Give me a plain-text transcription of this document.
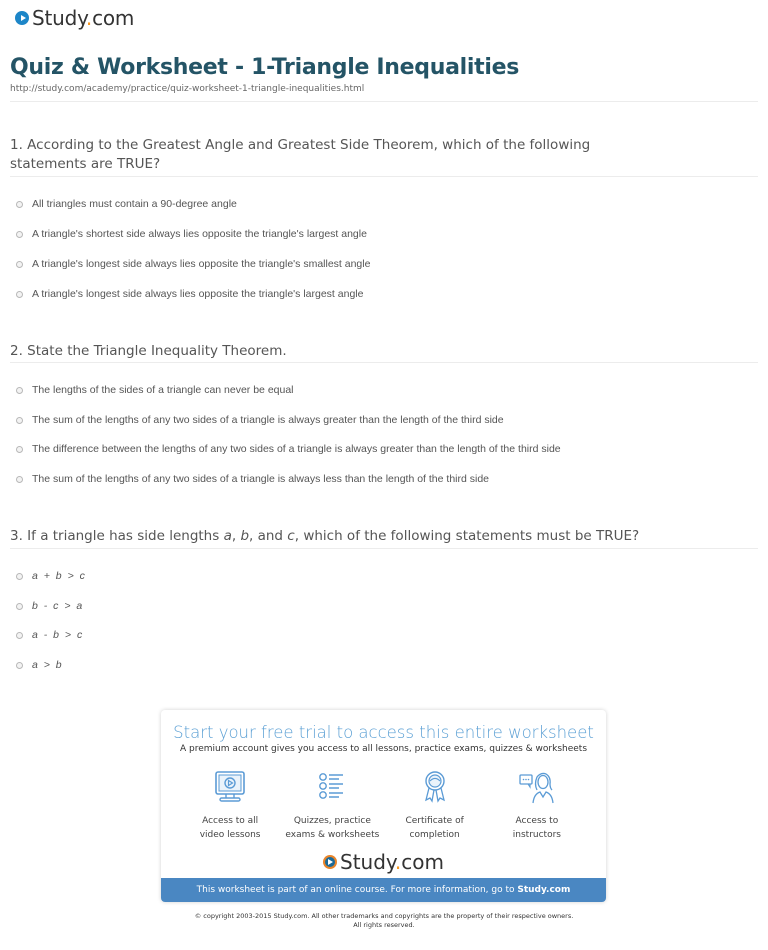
Study.com
Quiz & Worksheet - 1-Triangle Inequalities
http://study.com/academy/practice/quiz-worksheet-1-triangle-inequalities.html
1. According to the Greatest Angle and Greatest Side Theorem, which of the following
statements are TRUE?
All triangles must contain a 90-degree angle
A triangle's shortest side always lies opposite the triangle's largest angle
A triangle's longest side always lies opposite the triangle's smallest angle
A triangle's longest side always lies opposite the triangle's largest angle
2. State the Triangle Inequality Theorem.
The lengths of the sides of a triangle can never be equal
The sum of the lengths of any two sides of a triangle is always greater than the length of the third side
The difference between the lengths of any two sides of a triangle is always greater than the length of the third side
The sum of the lengths of any two sides of a triangle is always less than the length of the third side
3. If a triangle has side lengths a, b, and c, which of the following statements must be TRUE?
a + b > c
b - c > a
a - b > c
a > b
Start your free trial to access this entire worksheet
A premium account gives you access to all lessons, practice exams, quizzes & worksheets
Access to all
video lessons
Quizzes, practice
exams & worksheets
Certificate of
completion
Access to
instructors
Study.com
This worksheet is part of an online course. For more information, go to Study.com
© copyright 2003-2015 Study.com. All other trademarks and copyrights are the property of their respective owners.
All rights reserved.
